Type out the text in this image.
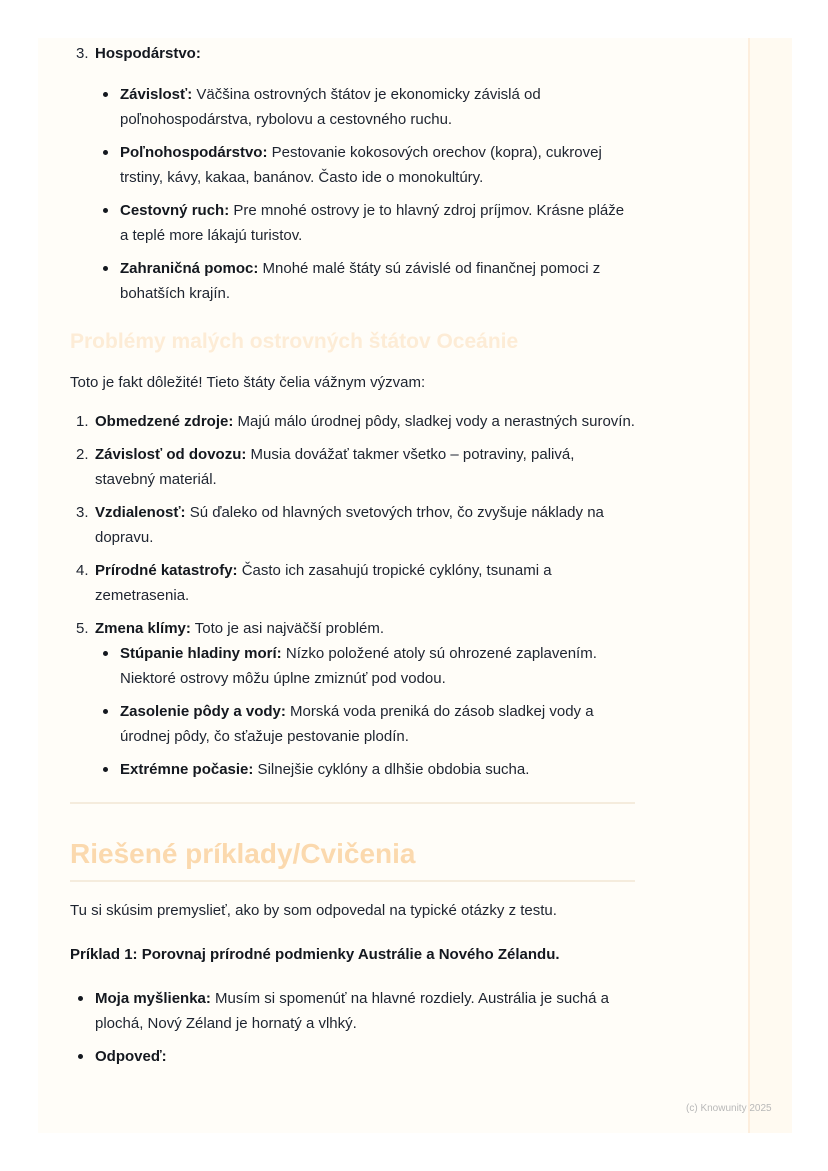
3. Hospodárstvo:
Závislosť: Väčšina ostrovných štátov je ekonomicky závislá od poľnohospodárstva, rybolovu a cestovného ruchu.
Poľnohospodárstvo: Pestovanie kokosových orechov (kopra), cukrovej trstiny, kávy, kakaa, banánov. Často ide o monokultúry.
Cestovný ruch: Pre mnohé ostrovy je to hlavný zdroj príjmov. Krásne pláže a teplé more lákajú turistov.
Zahraničná pomoc: Mnohé malé štáty sú závislé od finančnej pomoci z bohatších krajín.
Problémy malých ostrovných štátov Oceánie

Toto je fakt dôležité! Tieto štáty čelia vážnym výzvam:

1. Obmedzené zdroje: Majú málo úrodnej pôdy, sladkej vody a nerastných surovín.
2. Závislosť od dovozu: Musia dovážať takmer všetko – potraviny, palivá, stavebný materiál.
3. Vzdialenosť: Sú ďaleko od hlavných svetových trhov, čo zvyšuje náklady na dopravu.
4. Prírodné katastrofy: Často ich zasahujú tropické cyklóny, tsunami a zemetrasenia.
5. Zmena klímy: Toto je asi najväčší problém.
Stúpanie hladiny morí: Nízko položené atoly sú ohrozené zaplavením. Niektoré ostrovy môžu úplne zmiznúť pod vodou.
Zasolenie pôdy a vody: Morská voda preniká do zásob sladkej vody a úrodnej pôdy, čo sťažuje pestovanie plodín.
Extrémne počasie: Silnejšie cyklóny a dlhšie obdobia sucha.
Riešené príklady/Cvičenia

Tu si skúsim premyslieť, ako by som odpovedal na typické otázky z testu.

Príklad 1: Porovnaj prírodné podmienky Austrálie a Nového Zélandu.

Moja myšlienka: Musím si spomenúť na hlavné rozdiely. Austrália je suchá a plochá, Nový Zéland je hornatý a vlhký.
Odpoveď:
(c) Knowunity 2025
